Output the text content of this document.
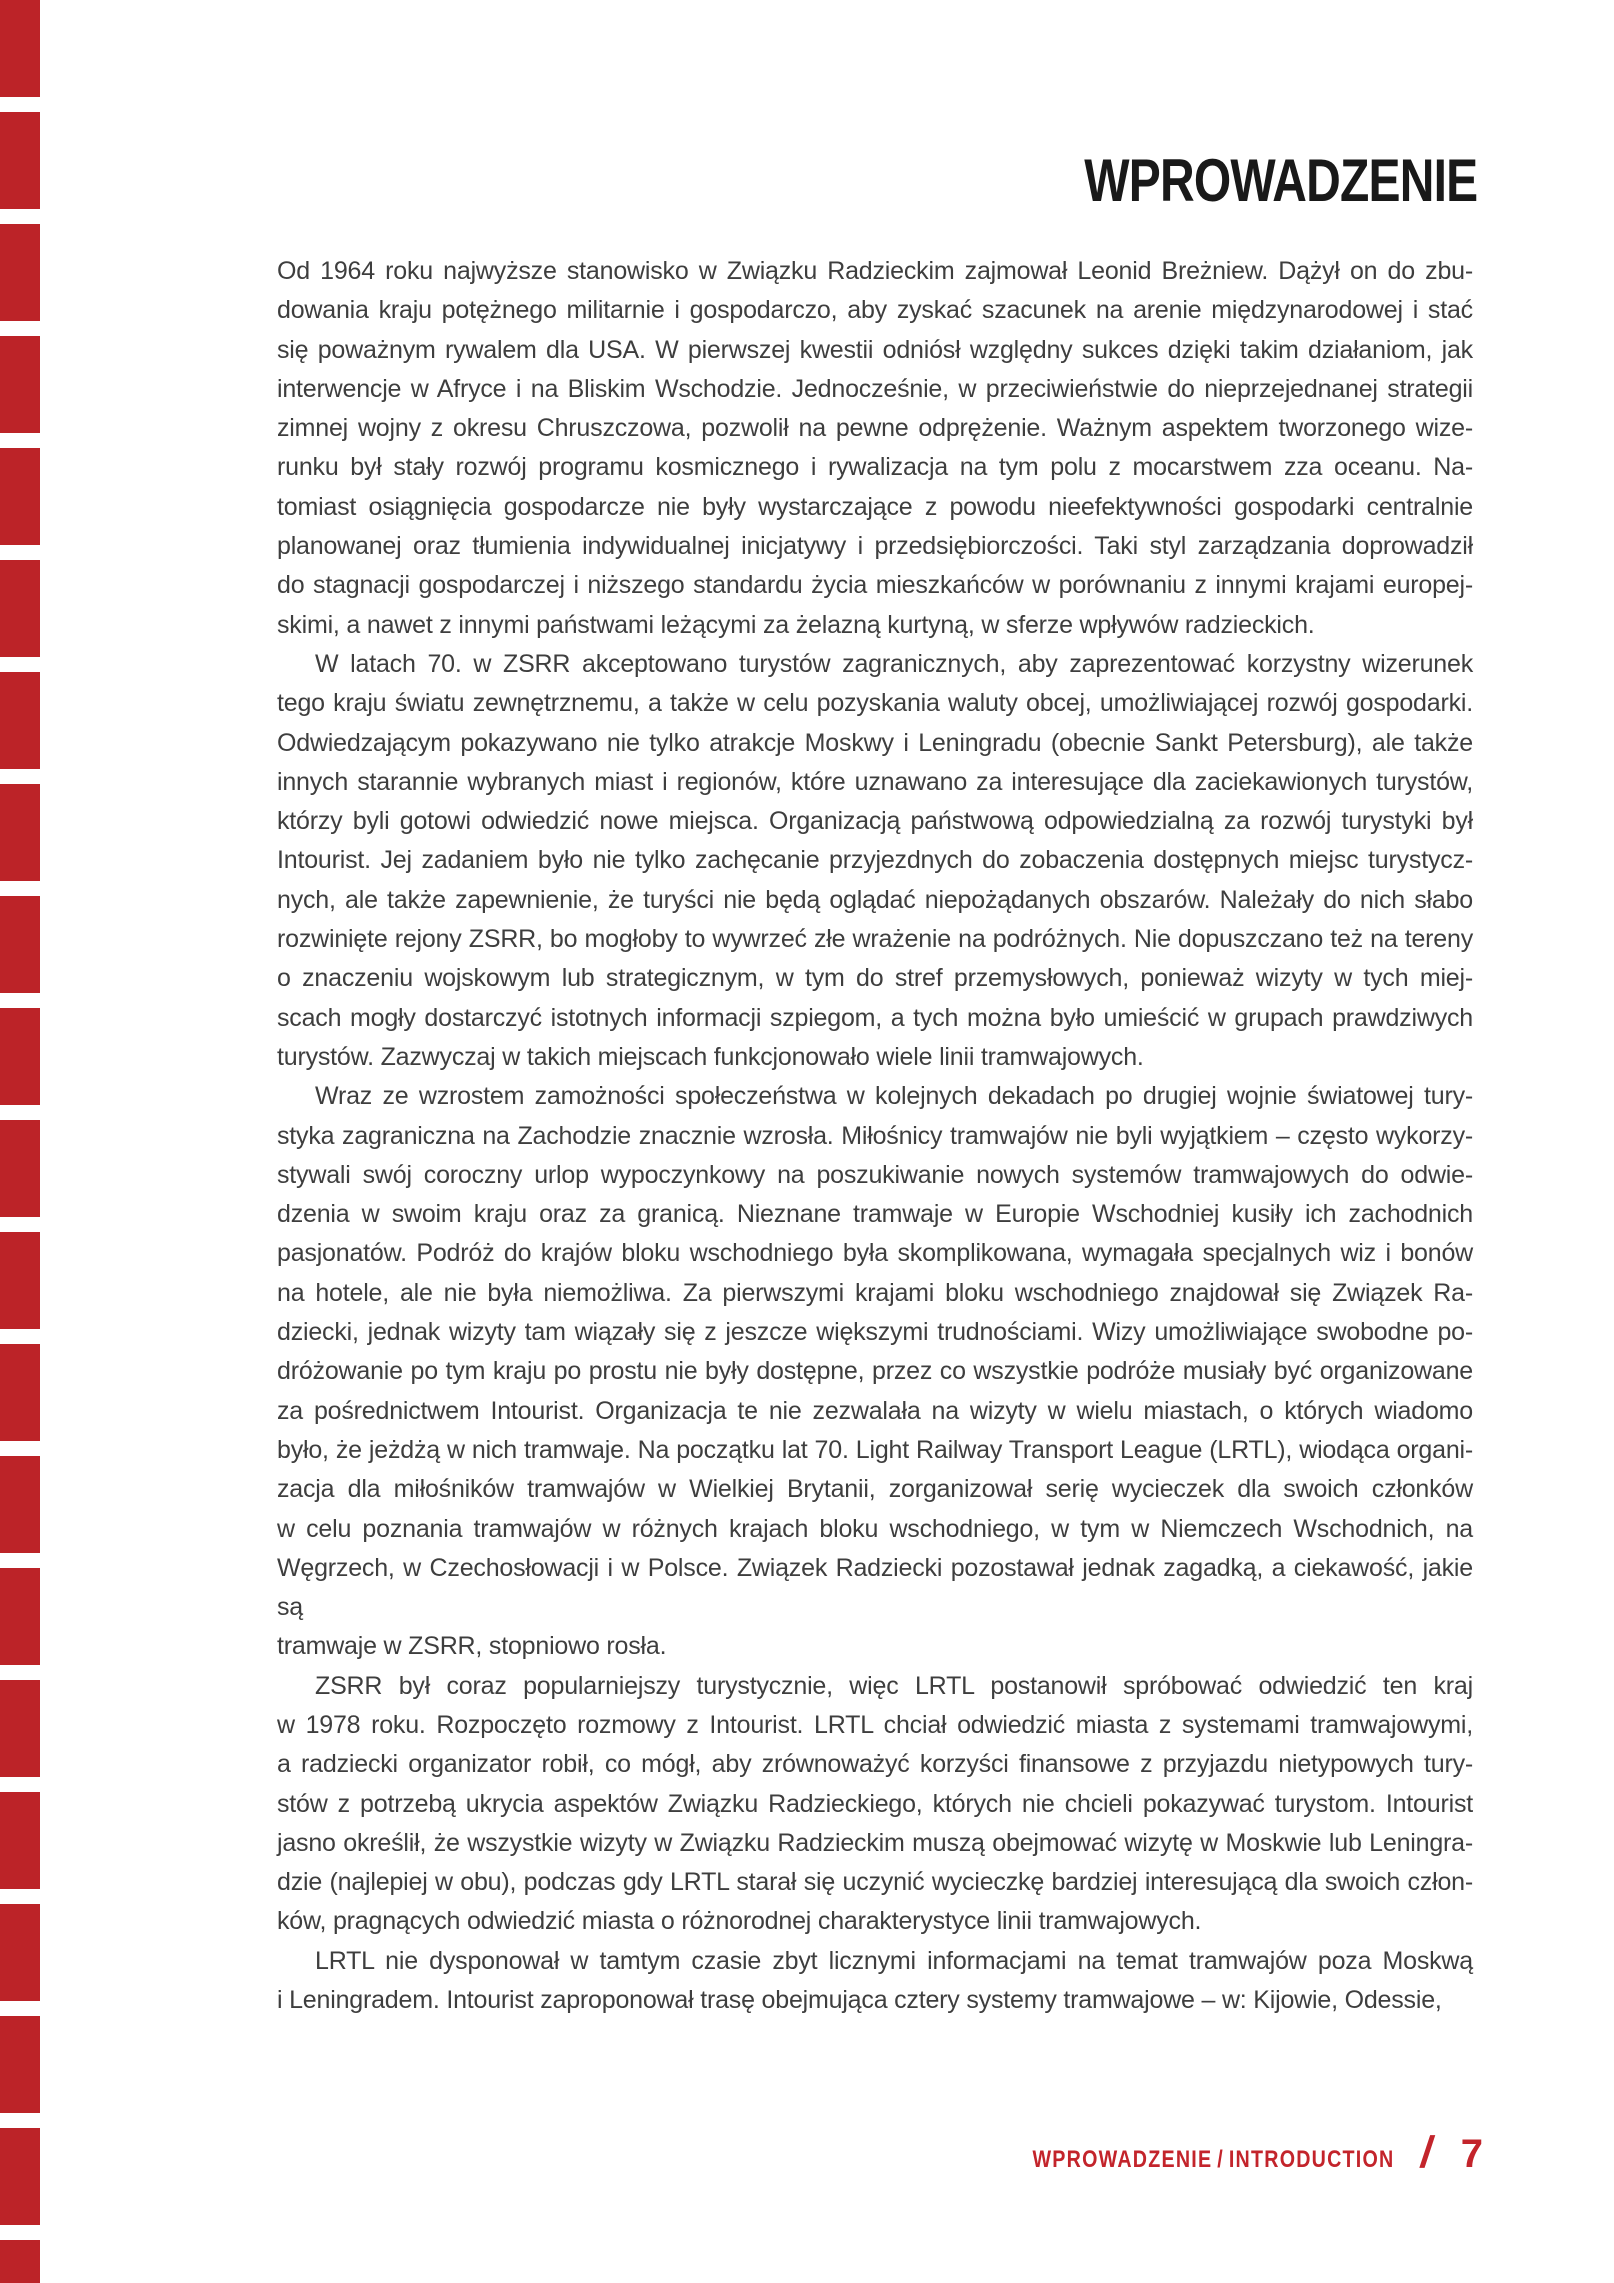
WPROWADZENIE
Od 1964 roku najwyższe stanowisko w Związku Radzieckim zajmował Leonid Breżniew. Dążył on do zbu-
dowania kraju potężnego militarnie i gospodarczo, aby zyskać szacunek na arenie międzynarodowej i stać
się poważnym rywalem dla USA. W pierwszej kwestii odniósł względny sukces dzięki takim działaniom, jak
interwencje w Afryce i na Bliskim Wschodzie. Jednocześnie, w przeciwieństwie do nieprzejednanej strategii
zimnej wojny z okresu Chruszczowa, pozwolił na pewne odprężenie. Ważnym aspektem tworzonego wize-
runku był stały rozwój programu kosmicznego i rywalizacja na tym polu z mocarstwem zza oceanu. Na-
tomiast osiągnięcia gospodarcze nie były wystarczające z powodu nieefektywności gospodarki centralnie
planowanej oraz tłumienia indywidualnej inicjatywy i przedsiębiorczości. Taki styl zarządzania doprowadził
do stagnacji gospodarczej i niższego standardu życia mieszkańców w porównaniu z innymi krajami europej-
skimi, a nawet z innymi państwami leżącymi za żelazną kurtyną, w sferze wpływów radzieckich.
W latach 70. w ZSRR akceptowano turystów zagranicznych, aby zaprezentować korzystny wizerunek
tego kraju światu zewnętrznemu, a także w celu pozyskania waluty obcej, umożliwiającej rozwój gospodarki.
Odwiedzającym pokazywano nie tylko atrakcje Moskwy i Leningradu (obecnie Sankt Petersburg), ale także
innych starannie wybranych miast i regionów, które uznawano za interesujące dla zaciekawionych turystów,
którzy byli gotowi odwiedzić nowe miejsca. Organizacją państwową odpowiedzialną za rozwój turystyki był
Intourist. Jej zadaniem było nie tylko zachęcanie przyjezdnych do zobaczenia dostępnych miejsc turystycz-
nych, ale także zapewnienie, że turyści nie będą oglądać niepożądanych obszarów. Należały do nich słabo
rozwinięte rejony ZSRR, bo mogłoby to wywrzeć złe wrażenie na podróżnych. Nie dopuszczano też na tereny
o znaczeniu wojskowym lub strategicznym, w tym do stref przemysłowych, ponieważ wizyty w tych miej-
scach mogły dostarczyć istotnych informacji szpiegom, a tych można było umieścić w grupach prawdziwych
turystów. Zazwyczaj w takich miejscach funkcjonowało wiele linii tramwajowych.
Wraz ze wzrostem zamożności społeczeństwa w kolejnych dekadach po drugiej wojnie światowej tury-
styka zagraniczna na Zachodzie znacznie wzrosła. Miłośnicy tramwajów nie byli wyjątkiem – często wykorzy-
stywali swój coroczny urlop wypoczynkowy na poszukiwanie nowych systemów tramwajowych do odwie-
dzenia w swoim kraju oraz za granicą. Nieznane tramwaje w Europie Wschodniej kusiły ich zachodnich
pasjonatów. Podróż do krajów bloku wschodniego była skomplikowana, wymagała specjalnych wiz i bonów
na hotele, ale nie była niemożliwa. Za pierwszymi krajami bloku wschodniego znajdował się Związek Ra-
dziecki, jednak wizyty tam wiązały się z jeszcze większymi trudnościami. Wizy umożliwiające swobodne po-
dróżowanie po tym kraju po prostu nie były dostępne, przez co wszystkie podróże musiały być organizowane
za pośrednictwem Intourist. Organizacja te nie zezwalała na wizyty w wielu miastach, o których wiadomo
było, że jeżdżą w nich tramwaje. Na początku lat 70. Light Railway Transport League (LRTL), wiodąca organi-
zacja dla miłośników tramwajów w Wielkiej Brytanii, zorganizował serię wycieczek dla swoich członków
w celu poznania tramwajów w różnych krajach bloku wschodniego, w tym w Niemczech Wschodnich, na
Węgrzech, w Czechosłowacji i w Polsce. Związek Radziecki pozostawał jednak zagadką, a ciekawość, jakie są
tramwaje w ZSRR, stopniowo rosła.
ZSRR był coraz popularniejszy turystycznie, więc LRTL postanowił spróbować odwiedzić ten kraj
w 1978 roku. Rozpoczęto rozmowy z Intourist. LRTL chciał odwiedzić miasta z systemami tramwajowymi,
a radziecki organizator robił, co mógł, aby zrównoważyć korzyści finansowe z przyjazdu nietypowych tury-
stów z potrzebą ukrycia aspektów Związku Radzieckiego, których nie chcieli pokazywać turystom. Intourist
jasno określił, że wszystkie wizyty w Związku Radzieckim muszą obejmować wizytę w Moskwie lub Leningra-
dzie (najlepiej w obu), podczas gdy LRTL starał się uczynić wycieczkę bardziej interesującą dla swoich człon-
ków, pragnących odwiedzić miasta o różnorodnej charakterystyce linii tramwajowych.
LRTL nie dysponował w tamtym czasie zbyt licznymi informacjami na temat tramwajów poza Moskwą
i Leningradem. Intourist zaproponował trasę obejmująca cztery systemy tramwajowe – w: Kijowie, Odessie,
WPROWADZENIE / INTRODUCTION / 7
